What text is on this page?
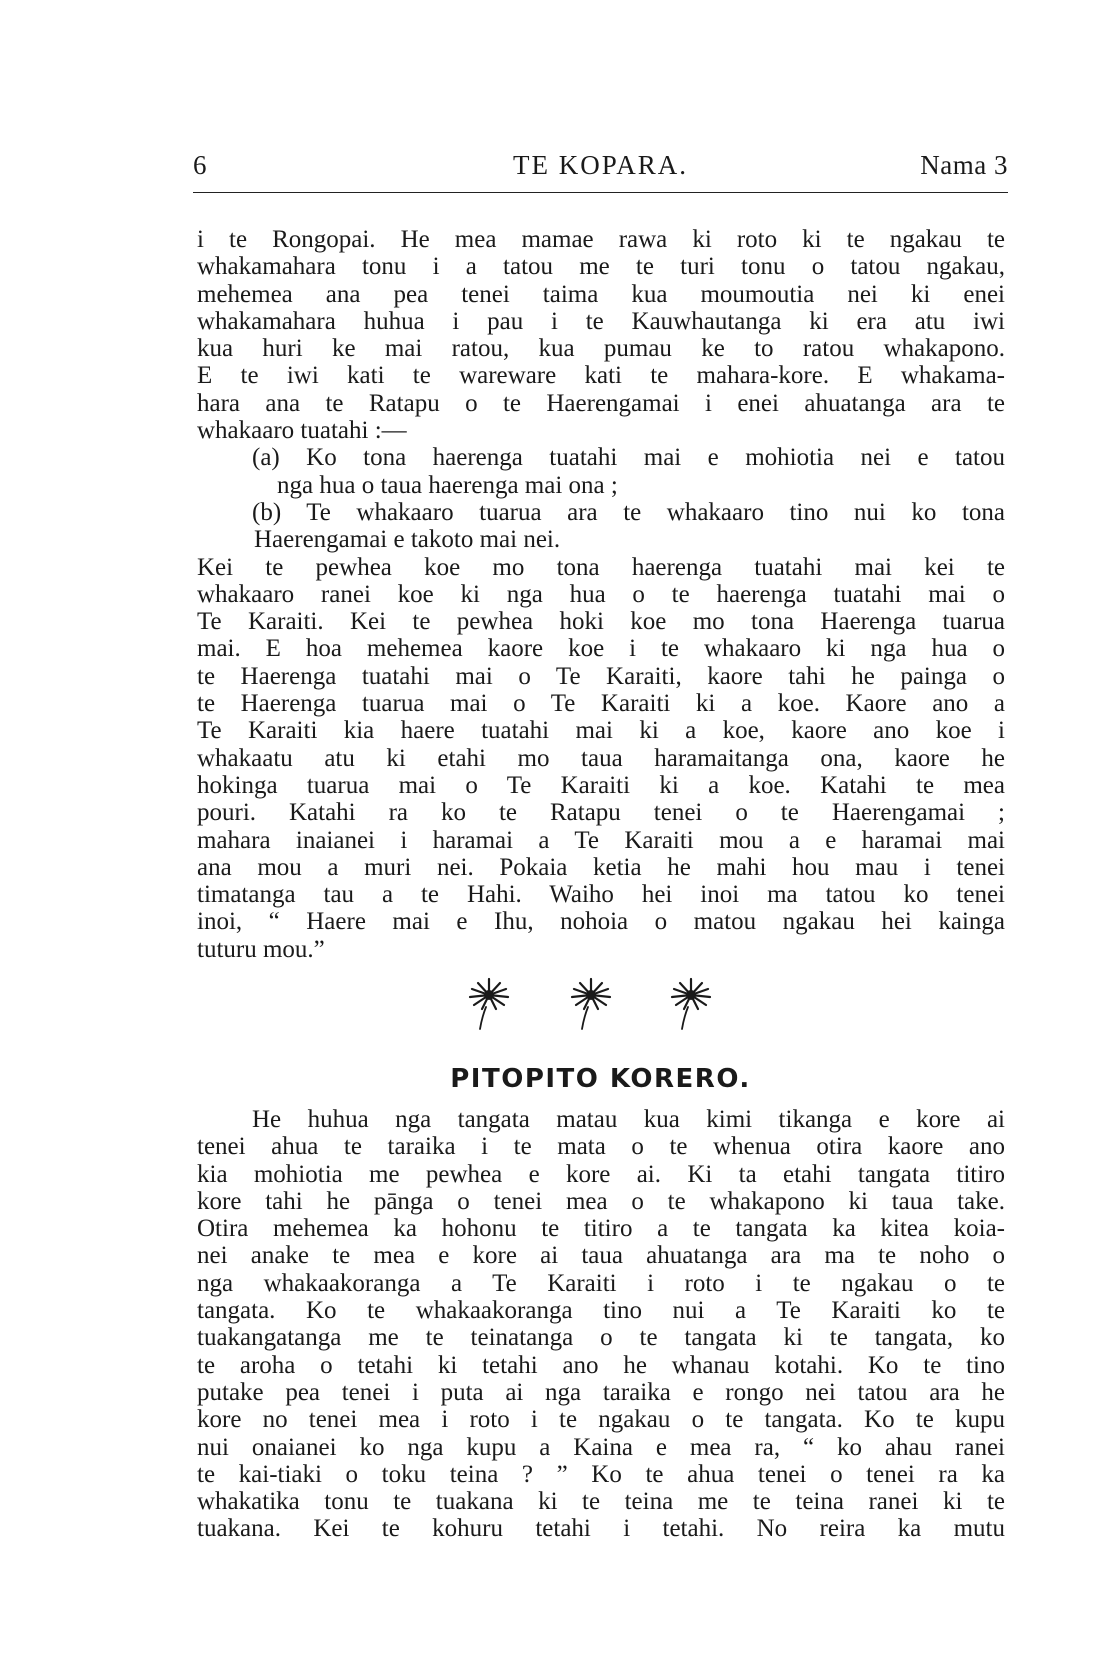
6	TE KOPARA.	Nama 3
i te Rongopai. He mea mamae rawa ki roto ki te ngakau te
whakamahara tonu i a tatou me te turi tonu o tatou ngakau,
mehemea ana pea tenei taima kua moumoutia nei ki enei
whakamahara huhua i pau i te Kauwhautanga ki era atu iwi
kua huri ke mai ratou, kua pumau ke to ratou whakapono.
E te iwi kati te wareware kati te mahara-kore. E whakama-
hara ana te Ratapu o te Haerengamai i enei ahuatanga ara te
whakaaro tuatahi :—
(a) Ko tona haerenga tuatahi mai e mohiotia nei e tatou
nga hua o taua haerenga mai ona ;
(b) Te whakaaro tuarua ara te whakaaro tino nui ko tona
Haerengamai e takoto mai nei.
Kei te pewhea koe mo tona haerenga tuatahi mai kei te
whakaaro ranei koe ki nga hua o te haerenga tuatahi mai o
Te Karaiti. Kei te pewhea hoki koe mo tona Haerenga tuarua
mai. E hoa mehemea kaore koe i te whakaaro ki nga hua o
te Haerenga tuatahi mai o Te Karaiti, kaore tahi he painga o
te Haerenga tuarua mai o Te Karaiti ki a koe. Kaore ano a
Te Karaiti kia haere tuatahi mai ki a koe, kaore ano koe i
whakaatu atu ki etahi mo taua haramaitanga ona, kaore he
hokinga tuarua mai o Te Karaiti ki a koe. Katahi te mea
pouri. Katahi ra ko te Ratapu tenei o te Haerengamai ;
mahara inaianei i haramai a Te Karaiti mou a e haramai mai
ana mou a muri nei. Pokaia ketia he mahi hou mau i tenei
timatanga tau a te Hahi. Waiho hei inoi ma tatou ko tenei
inoi, “ Haere mai e Ihu, nohoia o matou ngakau hei kainga
tuturu mou.”
PITOPITO KORERO.
He huhua nga tangata matau kua kimi tikanga e kore ai
tenei ahua te taraika i te mata o te whenua otira kaore ano
kia mohiotia me pewhea e kore ai. Ki ta etahi tangata titiro
kore tahi he pānga o tenei mea o te whakapono ki taua take.
Otira mehemea ka hohonu te titiro a te tangata ka kitea koia-
nei anake te mea e kore ai taua ahuatanga ara ma te noho o
nga whakaakoranga a Te Karaiti i roto i te ngakau o te
tangata. Ko te whakaakoranga tino nui a Te Karaiti ko te
tuakangatanga me te teinatanga o te tangata ki te tangata, ko
te aroha o tetahi ki tetahi ano he whanau kotahi. Ko te tino
putake pea tenei i puta ai nga taraika e rongo nei tatou ara he
kore no tenei mea i roto i te ngakau o te tangata. Ko te kupu
nui onaianei ko nga kupu a Kaina e mea ra, “ ko ahau ranei
te kai-tiaki o toku teina ? ” Ko te ahua tenei o tenei ra ka
whakatika tonu te tuakana ki te teina me te teina ranei ki te
tuakana. Kei te kohuru tetahi i tetahi. No reira ka mutu
